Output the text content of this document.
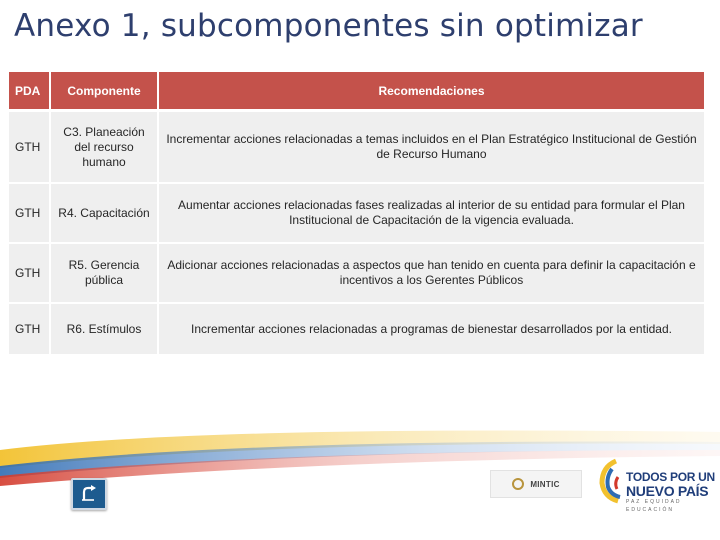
Anexo 1, subcomponentes sin optimizar
PDA	Componente	Recomendaciones
GTH	C3. Planeación del recurso humano	Incrementar acciones relacionadas a temas incluidos en el Plan Estratégico Institucional de Gestión de Recurso Humano
GTH	R4. Capacitación	Aumentar acciones relacionadas fases realizadas al interior de su entidad para formular el Plan Institucional de Capacitación de la vigencia evaluada.
GTH	R5. Gerencia pública	Adicionar acciones relacionadas a aspectos que han tenido en cuenta para definir la capacitación e incentivos a los Gerentes Públicos
GTH	R6. Estímulos	Incrementar acciones relacionadas a programas de bienestar desarrollados por la entidad.
MINTIC	TODOS POR UN
NUEVO PAÍS
PAZ EQUIDAD EDUCACIÓN
